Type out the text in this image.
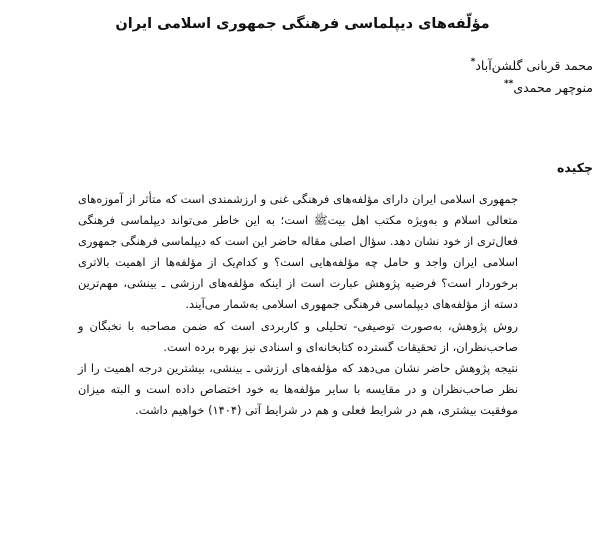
مؤلّفه‌های دیپلماسی فرهنگی جمهوری اسلامی ایران
محمد قربانی گلشن‌آباد*
منوچهر محمدی**
چکیده

جمهوری اسلامی ایران دارای مؤلفه‌های فرهنگی غنی و ارزشمندی است که متأثر از آموزه‌های متعالی اسلام و به‌ویژه مکتب اهل بیتﷺ است؛ به این خاطر می‌تواند دیپلماسی فرهنگی فعال‌تری از خود نشان دهد. سؤال اصلی مقاله حاضر این است که دیپلماسی فرهنگی جمهوری اسلامی ایران واجد و حامل چه مؤلفه‌هایی است؟ و کدام‌یک از مؤلفه‌ها از اهمیت بالاتری برخوردار است؟ فرضیه پژوهش عبارت است از اینکه مؤلفه‌های ارزشی ـ بینشی، مهم‌ترین دسته از مؤلفه‌های دیپلماسی فرهنگی جمهوری اسلامی به‌شمار می‌آیند.

روش پژوهش، به‌صورت توصیفی- تحلیلی و کاربردی است که ضمن مصاحبه با نخبگان و صاحب‌نظران، از تحقیقات گسترده کتابخانه‌ای و اسنادی نیز بهره برده است.

نتیجه پژوهش حاضر نشان می‌دهد که مؤلفه‌های ارزشی ـ بینشی، بیشترین درجه اهمیت را از نظر صاحب‌نظران و در مقایسه با سایر مؤلفه‌ها به خود اختصاص داده است و البته میزان موفقیت بیشتری، هم در شرایط فعلی و هم در شرایط آتی (۱۴۰۴) خواهیم داشت.
